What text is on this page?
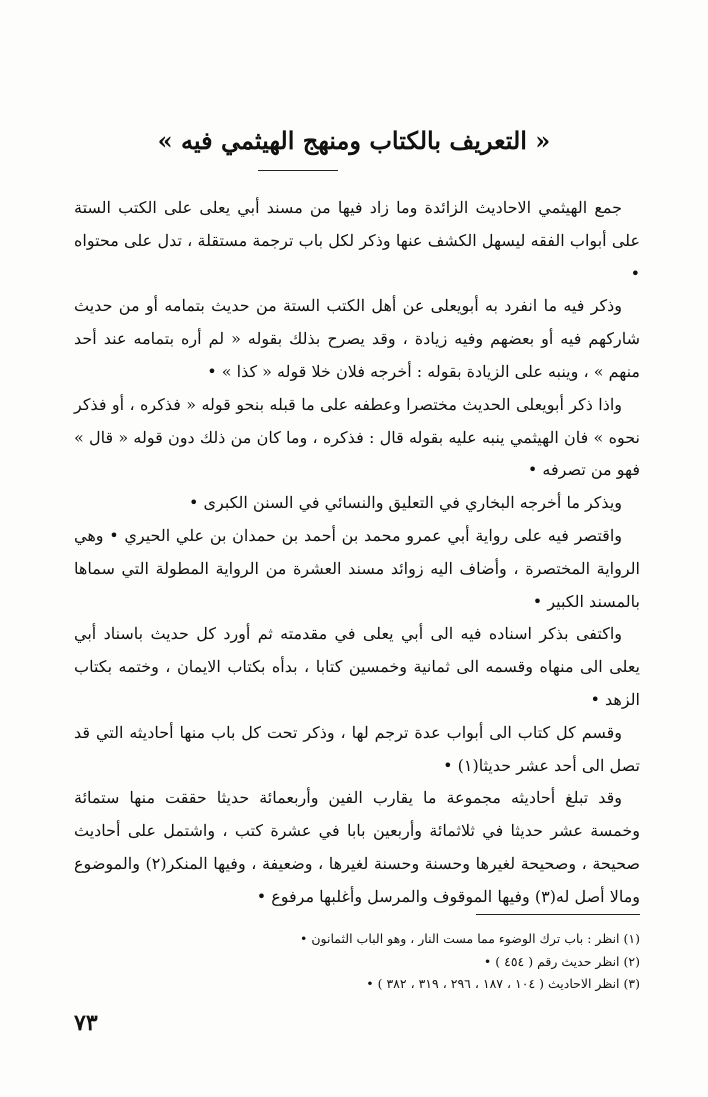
« التعريف بالكتاب ومنهج الهيثمي فيه »

جمع الهيثمي الاحاديث الزائدة وما زاد فيها من مسند أبي يعلى على الكتب الستة على أبواب الفقه ليسهل الكشف عنها وذكر لكل باب ترجمة مستقلة ، تدل على محتواه •

وذكر فيه ما انفرد به أبويعلى عن أهل الكتب الستة من حديث بتمامه أو من حديث شاركهم فيه أو بعضهم وفيه زيادة ، وقد يصرح بذلك بقوله « لم أره بتمامه عند أحد منهم » ، وينبه على الزيادة بقوله : أخرجه فلان خلا قوله « كذا » •

واذا ذكر أبويعلى الحديث مختصرا وعطفه على ما قبله بنحو قوله « فذكره ، أو فذكر نحوه » فان الهيثمي ينبه عليه بقوله قال : فذكره ، وما كان من ذلك دون قوله « قال » فهو من تصرفه •

ويذكر ما أخرجه البخاري في التعليق والنسائي في السنن الكبرى •

واقتصر فيه على رواية أبي عمرو محمد بن أحمد بن حمدان بن علي الحيري • وهي الرواية المختصرة ، وأضاف اليه زوائد مسند العشرة من الرواية المطولة التي سماها بالمسند الكبير •

واكتفى بذكر اسناده فيه الى أبي يعلى في مقدمته ثم أورد كل حديث باسناد أبي يعلى الى منهاه وقسمه الى ثمانية وخمسين كتابا ، بدأه بكتاب الايمان ، وختمه بكتاب الزهد •

وقسم كل كتاب الى أبواب عدة ترجم لها ، وذكر تحت كل باب منها أحاديثه التي قد تصل الى أحد عشر حديثا(١) •

وقد تبلغ أحاديثه مجموعة ما يقارب الفين وأربعمائة حديثا حققت منها ستمائة وخمسة عشر حديثا في ثلاثمائة وأربعين بابا في عشرة كتب ، واشتمل على أحاديث صحيحة ، وصحيحة لغيرها وحسنة وحسنة لغيرها ، وضعيفة ، وفيها المنكر(٢) والموضوع ومالا أصل له(٣) وفيها الموقوف والمرسل وأغلبها مرفوع •

(١) انظر : باب ترك الوضوء مما مست النار ، وهو الباب الثمانون •
(٢) انظر حديث رقم ( ٤٥٤ ) •
(٣) انظر الاحاديث ( ١٠٤ ، ١٨٧ ، ٢٩٦ ، ٣١٩ ، ٣٨٢ ) •
٧٣
